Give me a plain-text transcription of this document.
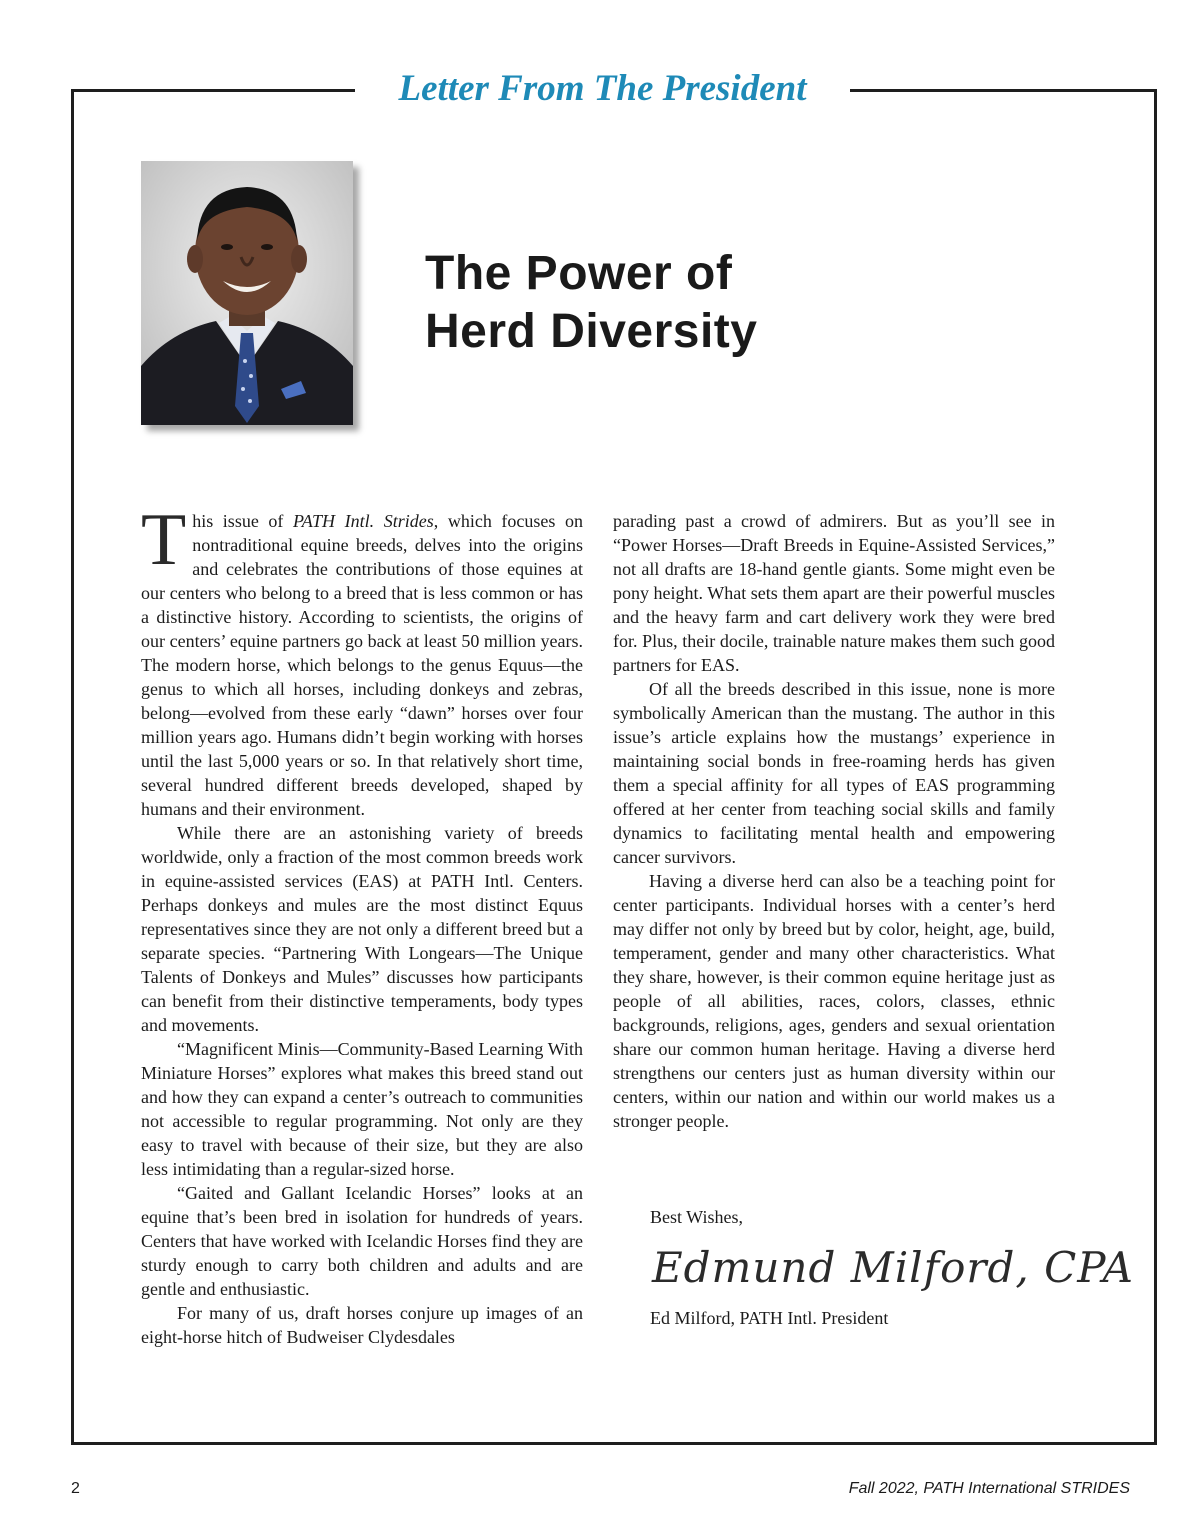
Letter From The President
The Power of
Herd Diversity

This issue of PATH Intl. Strides, which focuses on nontraditional equine breeds, delves into the origins and celebrates the contributions of those equines at our centers who belong to a breed that is less common or has a distinctive history. According to scientists, the origins of our centers’ equine partners go back at least 50 million years. The modern horse, which belongs to the genus Equus—the genus to which all horses, including donkeys and zebras, belong—evolved from these early “dawn” horses over four million years ago. Humans didn’t begin working with horses until the last 5,000 years or so. In that relatively short time, several hundred different breeds developed, shaped by humans and their environment.

While there are an astonishing variety of breeds worldwide, only a fraction of the most common breeds work in equine-assisted services (EAS) at PATH Intl. Centers. Perhaps donkeys and mules are the most distinct Equus representatives since they are not only a different breed but a separate species. “Partnering With Longears—The Unique Talents of Donkeys and Mules” discusses how participants can benefit from their distinctive temperaments, body types and movements.

“Magnificent Minis—Community-Based Learning With Miniature Horses” explores what makes this breed stand out and how they can expand a center’s outreach to communities not accessible to regular programming. Not only are they easy to travel with because of their size, but they are also less intimidating than a regular-sized horse.

“Gaited and Gallant Icelandic Horses” looks at an equine that’s been bred in isolation for hundreds of years. Centers that have worked with Icelandic Horses find they are sturdy enough to carry both children and adults and are gentle and enthusiastic.

For many of us, draft horses conjure up images of an eight-horse hitch of Budweiser Clydesdales

parading past a crowd of admirers. But as you’ll see in “Power Horses—Draft Breeds in Equine-Assisted Services,” not all drafts are 18-hand gentle giants. Some might even be pony height. What sets them apart are their powerful muscles and the heavy farm and cart delivery work they were bred for. Plus, their docile, trainable nature makes them such good partners for EAS.

Of all the breeds described in this issue, none is more symbolically American than the mustang. The author in this issue’s article explains how the mustangs’ experience in maintaining social bonds in free-roaming herds has given them a special affinity for all types of EAS programming offered at her center from teaching social skills and family dynamics to facilitating mental health and empowering cancer survivors.

Having a diverse herd can also be a teaching point for center participants. Individual horses with a center’s herd may differ not only by breed but by color, height, age, build, temperament, gender and many other characteristics. What they share, however, is their common equine heritage just as people of all abilities, races, colors, classes, ethnic backgrounds, religions, ages, genders and sexual orientation share our common human heritage. Having a diverse herd strengthens our centers just as human diversity within our centers, within our nation and within our world makes us a stronger people.

Best Wishes,
Edmund Milford, CPA
Ed Milford, PATH Intl. President
2	Fall 2022, PATH International STRIDES
